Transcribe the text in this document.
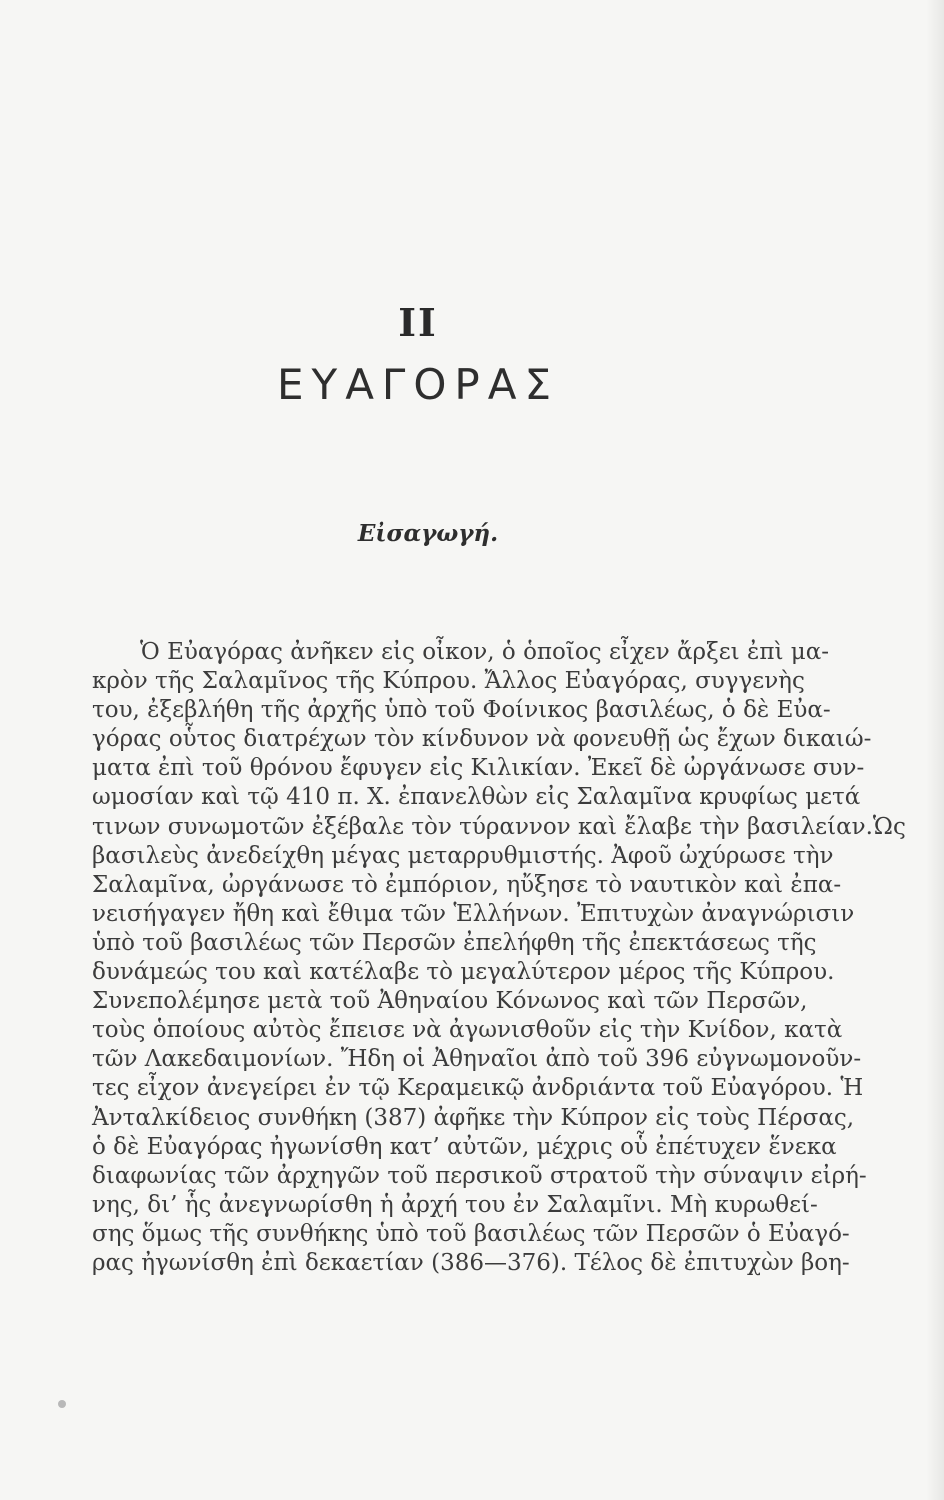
II
ΕΥΑΓΟΡΑΣ
Εἰσαγωγή.
Ὁ Εὐαγόρας ἀνῆκεν εἰς οἶκον, ὁ ὁποῖος εἶχεν ἄρξει ἐπὶ μα-
κρὸν τῆς Σαλαμῖνος τῆς Κύπρου. Ἄλλος Εὐαγόρας, συγγενὴς
του, ἐξεβλήθη τῆς ἀρχῆς ὑπὸ τοῦ Φοίνικος βασιλέως, ὁ δὲ Εὐα-
γόρας οὗτος διατρέχων τὸν κίνδυνον νὰ φονευθῇ ὡς ἔχων δικαιώ-
ματα ἐπὶ τοῦ θρόνου ἔφυγεν εἰς Κιλικίαν. Ἐκεῖ δὲ ὠργάνωσε συν-
ωμοσίαν καὶ τῷ 410 π. Χ. ἐπανελθὼν εἰς Σαλαμῖνα κρυφίως μετά
τινων συνωμοτῶν ἐξέβαλε τὸν τύραννον καὶ ἔλαβε τὴν βασιλείαν.Ὡς
βασιλεὺς ἀνεδείχθη μέγας μεταρρυθμιστής. Ἀφοῦ ὠχύρωσε τὴν
Σαλαμῖνα, ὠργάνωσε τὸ ἐμπόριον, ηὔξησε τὸ ναυτικὸν καὶ ἐπα-
νεισήγαγεν ἤθη καὶ ἔθιμα τῶν Ἑλλήνων. Ἐπιτυχὼν ἀναγνώρισιν
ὑπὸ τοῦ βασιλέως τῶν Περσῶν ἐπελήφθη τῆς ἐπεκτάσεως τῆς
δυνάμεώς του καὶ κατέλαβε τὸ μεγαλύτερον μέρος τῆς Κύπρου.
Συνεπολέμησε μετὰ τοῦ Ἀθηναίου Κόνωνος καὶ τῶν Περσῶν,
τοὺς ὁποίους αὐτὸς ἔπεισε νὰ ἀγωνισθοῦν εἰς τὴν Κνίδον, κατὰ
τῶν Λακεδαιμονίων. Ἤδη οἱ Ἀθηναῖοι ἀπὸ τοῦ 396 εὐγνωμονοῦν-
τες εἶχον ἀνεγείρει ἐν τῷ Κεραμεικῷ ἀνδριάντα τοῦ Εὐαγόρου. Ἡ
Ἀνταλκίδειος συνθήκη (387) ἀφῆκε τὴν Κύπρον εἰς τοὺς Πέρσας,
ὁ δὲ Εὐαγόρας ἠγωνίσθη κατ’ αὐτῶν, μέχρις οὗ ἐπέτυχεν ἕνεκα
διαφωνίας τῶν ἀρχηγῶν τοῦ περσικοῦ στρατοῦ τὴν σύναψιν εἰρή-
νης, δι’ ἧς ἀνεγνωρίσθη ἡ ἀρχή του ἐν Σαλαμῖνι. Μὴ κυρωθεί-
σης ὅμως τῆς συνθήκης ὑπὸ τοῦ βασιλέως τῶν Περσῶν ὁ Εὐαγό-
ρας ἠγωνίσθη ἐπὶ δεκαετίαν (386—376). Τέλος δὲ ἐπιτυχὼν βοη-
